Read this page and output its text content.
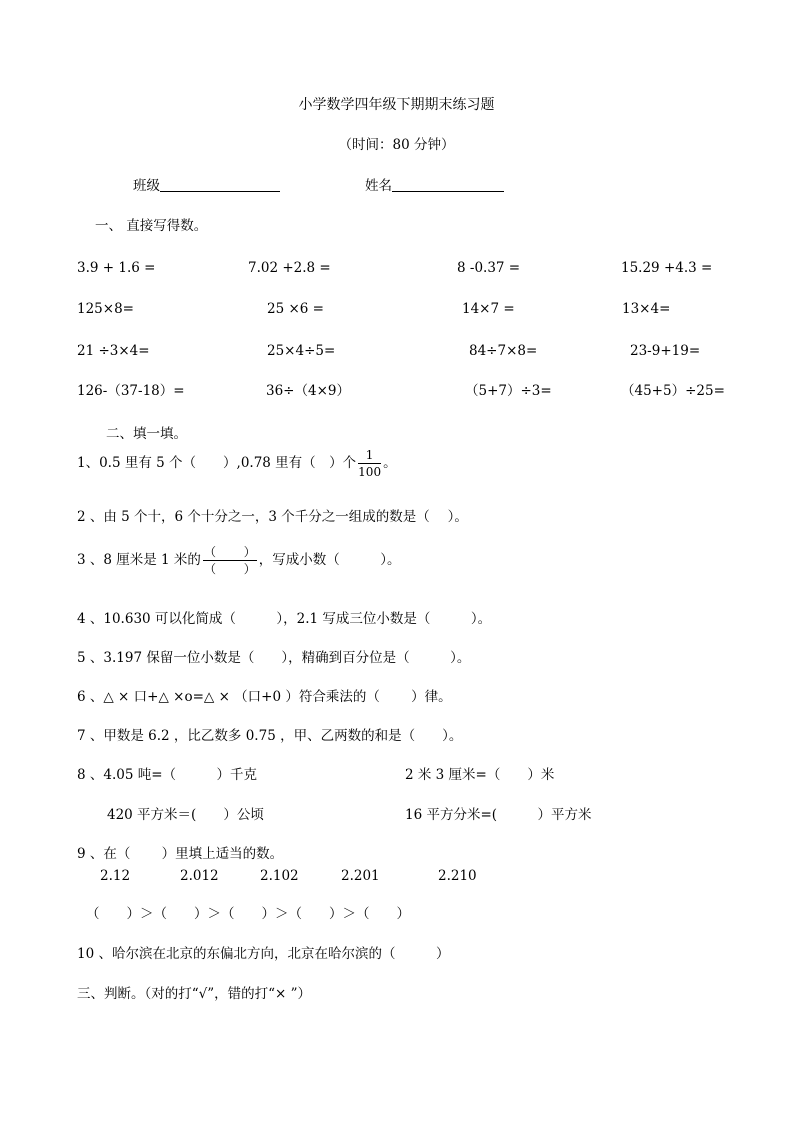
小学数学四年级下期期末练习题
（时间：80 分钟）
班级	姓名
一、 直接写得数。
3.9 + 1.6 =	7.02 +2.8 =	8 -0.37 =	15.29 +4.3 =
125×8=	25 ×6 =	14×7 =	13×4=
21 ÷3×4=	25×4÷5=	84÷7×8=	23-9+19=
126-（37-18）=	36÷（4×9）	（5+7）÷3=	（45+5）÷25=
二、填一填。
1、0.5 里有 5 个（　　）,0.78 里有（　）个 $\frac{1}{100}$ 。
2 、由 5 个十，6 个十分之一，3 个千分之一组成的数是（　 ）。
3 、8 厘米是 1 米的 $\frac{( )}{( )}$ ，写成小数（　　　）。
4 、10.630 可以化简成（　　　），2.1 写成三位小数是（　　　）。
5 、3.197 保留一位小数是（　　），精确到百分位是（　　　）。
6 、△ × 口+△ ×o=△ × （口+0 ）符合乘法的（　　 ）律。
7 、甲数是 6.2 ，比乙数多 0.75 ，甲、乙两数的和是（　　）。
8 、4.05 吨=（　　　）千克	2 米 3 厘米=（　　）米
420 平方米＝(　　）公顷	16 平方分米=(　　　）平方米
9 、在（　　 ）里填上适当的数。
2.12	2.012	2.102	2.201	2.210
（　　）＞（　　）＞（　　）＞（　　）＞（　　）
10 、哈尔滨在北京的东偏北方向，北京在哈尔滨的（　　　）
三、判断。（对的打“√”，错的打“× ”）
